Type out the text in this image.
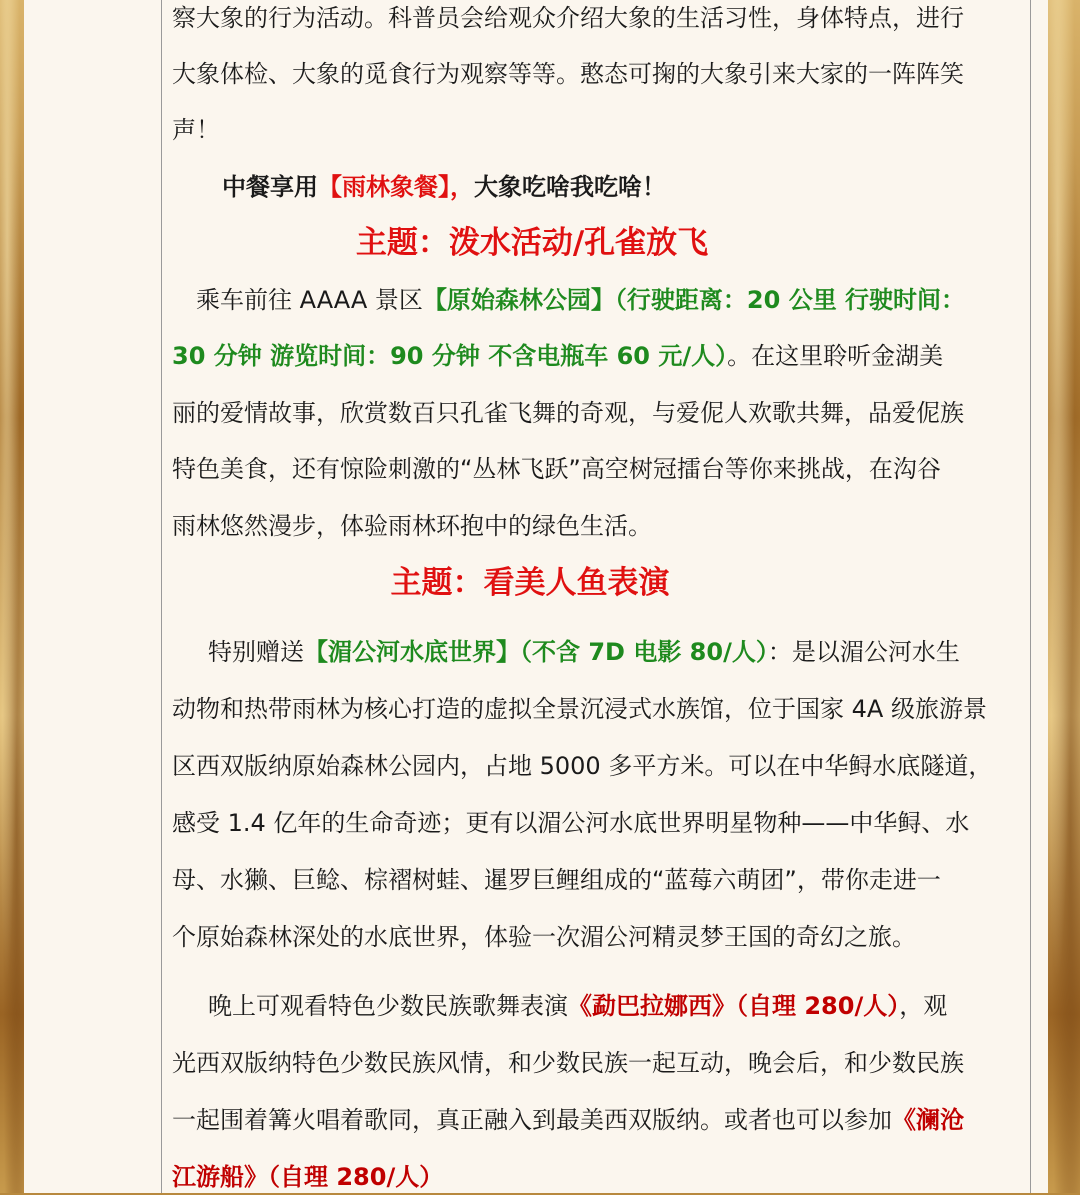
察大象的行为活动。科普员会给观众介绍大象的生活习性，身体特点，进行
大象体检、大象的觅食行为观察等等。憨态可掬的大象引来大家的一阵阵笑
声！
中餐享用【雨林象餐】，大象吃啥我吃啥！
主题：泼水活动/孔雀放飞
乘车前往 AAAA 景区【原始森林公园】（行驶距离：20 公里 行驶时间：
30 分钟 游览时间：90 分钟 不含电瓶车 60 元/人）。在这里聆听金湖美
丽的爱情故事，欣赏数百只孔雀飞舞的奇观，与爱伲人欢歌共舞，品爱伲族
特色美食，还有惊险刺激的“丛林飞跃”高空树冠擂台等你来挑战，在沟谷
雨林悠然漫步，体验雨林环抱中的绿色生活。
主题：看美人鱼表演
特别赠送【湄公河水底世界】（不含 7D 电影 80/人）：是以湄公河水生
动物和热带雨林为核心打造的虚拟全景沉浸式水族馆，位于国家 4A 级旅游景
区西双版纳原始森林公园内，占地 5000 多平方米。可以在中华鲟水底隧道，
感受 1.4 亿年的生命奇迹；更有以湄公河水底世界明星物种——中华鲟、水
母、水獭、巨鲶、棕褶树蛙、暹罗巨鲤组成的“蓝莓六萌团”，带你走进一
个原始森林深处的水底世界，体验一次湄公河精灵梦王国的奇幻之旅。
晚上可观看特色少数民族歌舞表演《勐巴拉娜西》（自理 280/人），观
光西双版纳特色少数民族风情，和少数民族一起互动，晚会后，和少数民族
一起围着篝火唱着歌同，真正融入到最美西双版纳。或者也可以参加《澜沧
江游船》（自理 280/人）
